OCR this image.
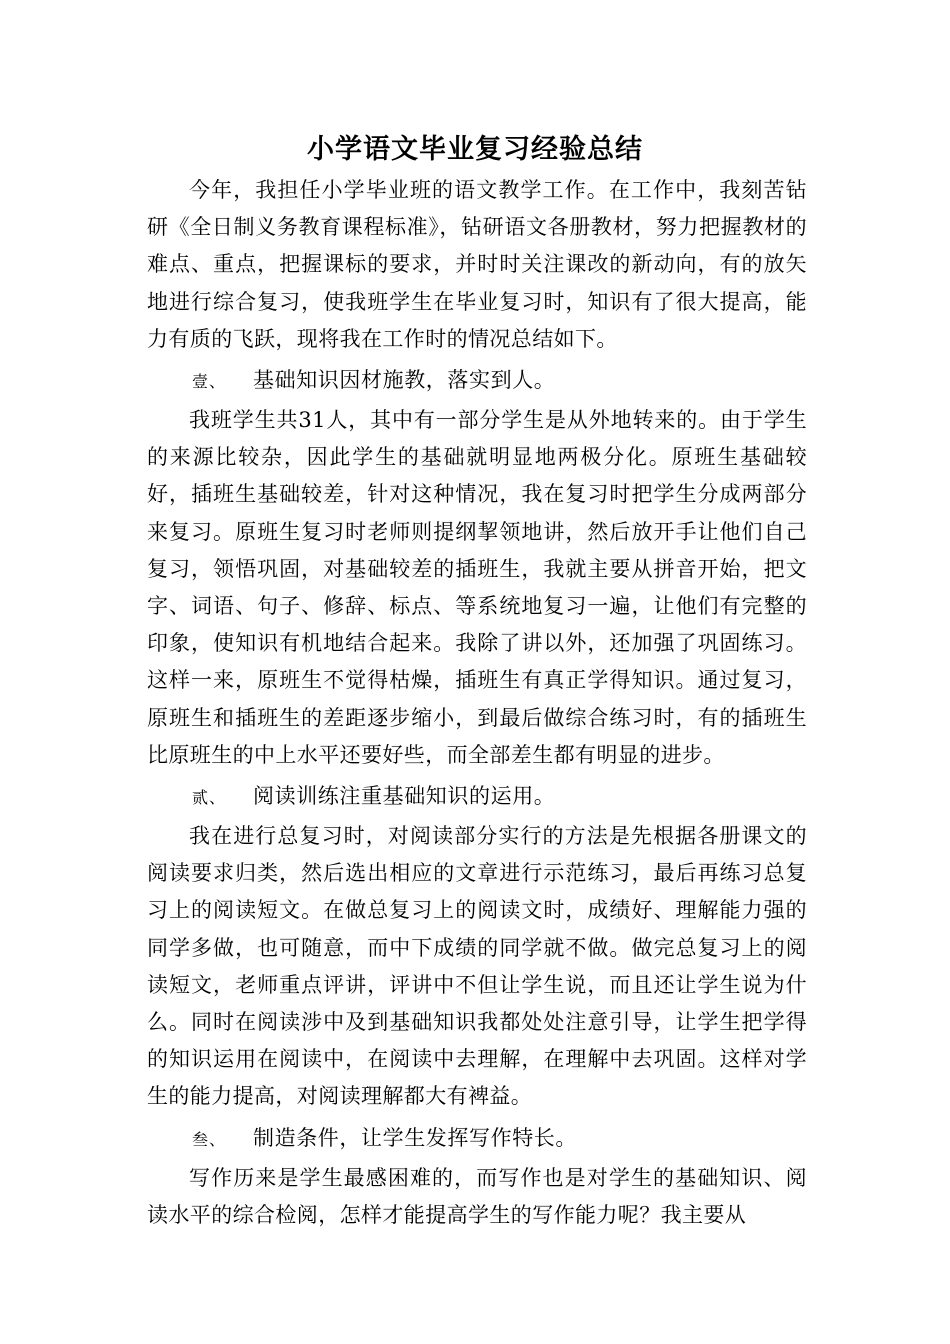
小学语文毕业复习经验总结

今年，我担任小学毕业班的语文教学工作。在工作中，我刻苦钻研《全日制义务教育课程标准》，钻研语文各册教材，努力把握教材的难点、重点，把握课标的要求，并时时关注课改的新动向，有的放矢地进行综合复习，使我班学生在毕业复习时，知识有了很大提高，能力有质的飞跃，现将我在工作时的情况总结如下。

壹、 基础知识因材施教，落实到人。

我班学生共31人，其中有一部分学生是从外地转来的。由于学生的来源比较杂，因此学生的基础就明显地两极分化。原班生基础较好，插班生基础较差，针对这种情况，我在复习时把学生分成两部分来复习。原班生复习时老师则提纲挈领地讲，然后放开手让他们自己复习，领悟巩固，对基础较差的插班生，我就主要从拼音开始，把文字、词语、句子、修辞、标点、等系统地复习一遍，让他们有完整的印象，使知识有机地结合起来。我除了讲以外，还加强了巩固练习。这样一来，原班生不觉得枯燥，插班生有真正学得知识。通过复习，原班生和插班生的差距逐步缩小，到最后做综合练习时，有的插班生比原班生的中上水平还要好些，而全部差生都有明显的进步。

贰、 阅读训练注重基础知识的运用。

我在进行总复习时，对阅读部分实行的方法是先根据各册课文的阅读要求归类，然后选出相应的文章进行示范练习，最后再练习总复习上的阅读短文。在做总复习上的阅读文时，成绩好、理解能力强的同学多做，也可随意，而中下成绩的同学就不做。做完总复习上的阅读短文，老师重点评讲，评讲中不但让学生说，而且还让学生说为什么。同时在阅读涉中及到基础知识我都处处注意引导，让学生把学得的知识运用在阅读中，在阅读中去理解，在理解中去巩固。这样对学生的能力提高，对阅读理解都大有裨益。

叁、 制造条件，让学生发挥写作特长。

写作历来是学生最感困难的，而写作也是对学生的基础知识、阅读水平的综合检阅，怎样才能提高学生的写作能力呢？我主要从
